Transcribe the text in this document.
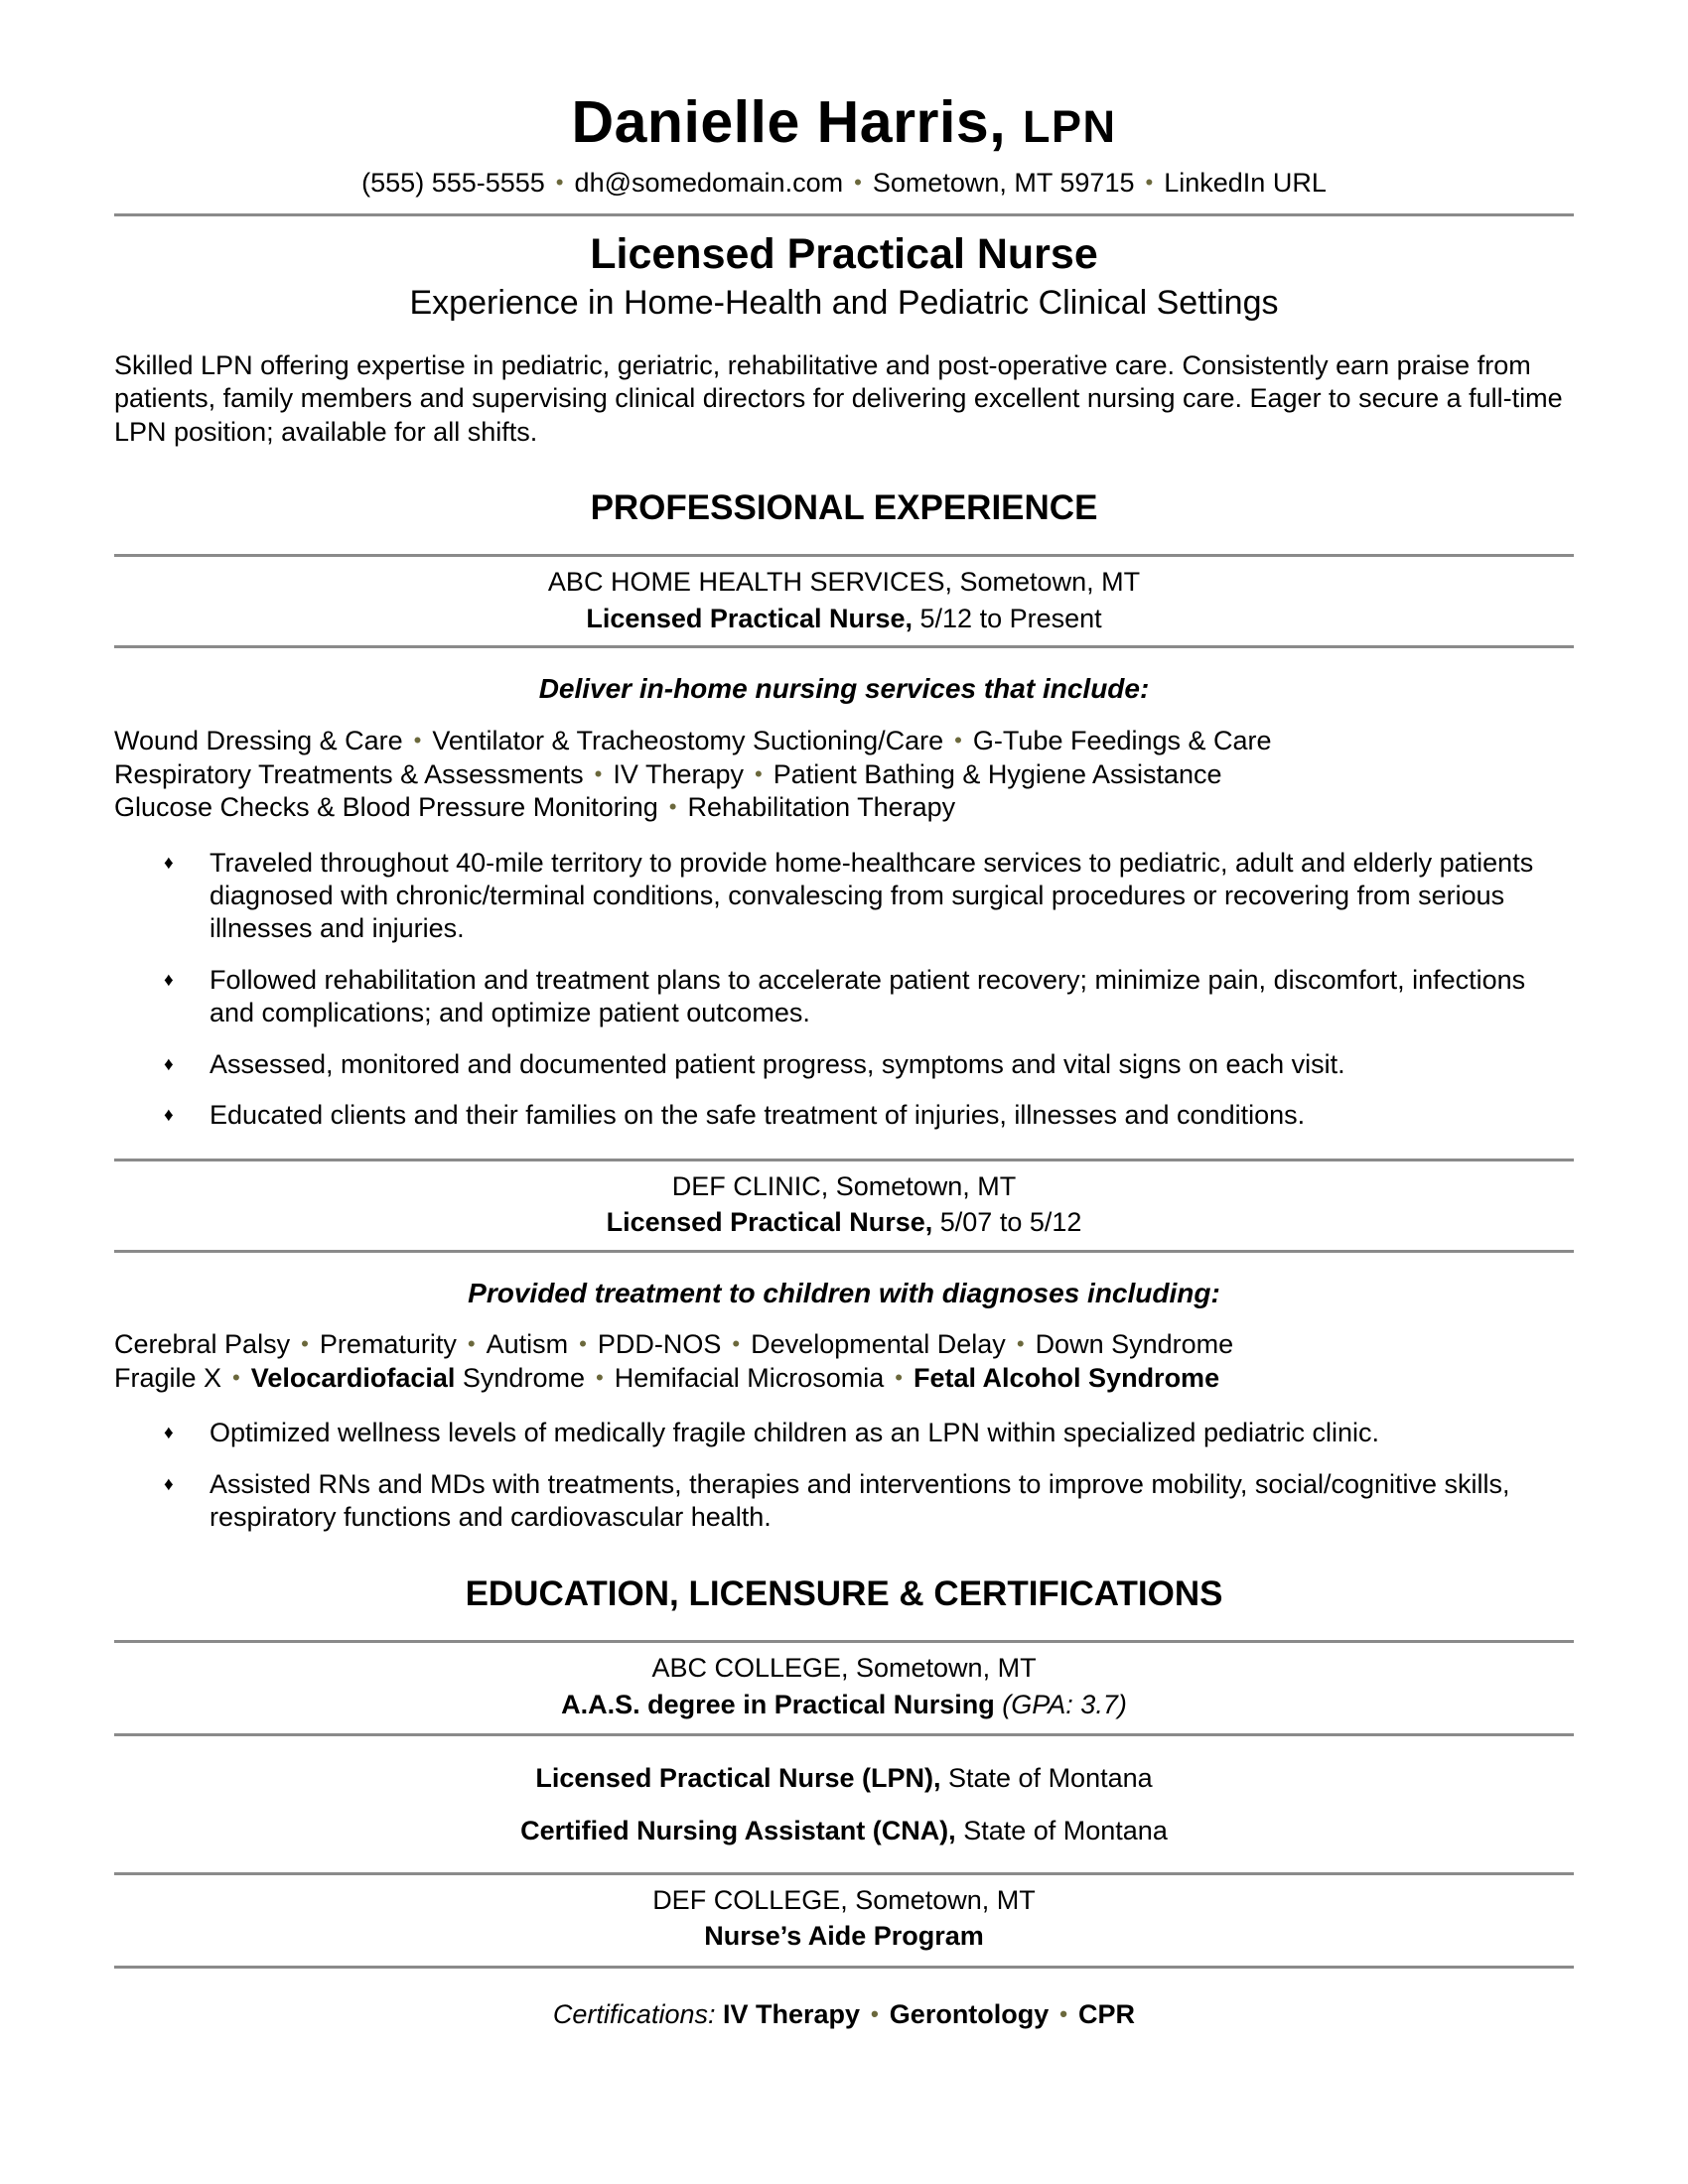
Danielle Harris, LPN
(555) 555-5555 • dh@somedomain.com • Sometown, MT 59715 • LinkedIn URL
Licensed Practical Nurse
Experience in Home-Health and Pediatric Clinical Settings
Skilled LPN offering expertise in pediatric, geriatric, rehabilitative and post-operative care. Consistently earn praise from patients, family members and supervising clinical directors for delivering excellent nursing care. Eager to secure a full-time LPN position; available for all shifts.
PROFESSIONAL EXPERIENCE
ABC HOME HEALTH SERVICES, Sometown, MT
Licensed Practical Nurse, 5/12 to Present
Deliver in-home nursing services that include:
Wound Dressing & Care • Ventilator & Tracheostomy Suctioning/Care • G-Tube Feedings & Care
Respiratory Treatments & Assessments • IV Therapy • Patient Bathing & Hygiene Assistance
Glucose Checks & Blood Pressure Monitoring • Rehabilitation Therapy
♦	Traveled throughout 40-mile territory to provide home-healthcare services to pediatric, adult and elderly patients diagnosed with chronic/terminal conditions, convalescing from surgical procedures or recovering from serious illnesses and injuries.
♦	Followed rehabilitation and treatment plans to accelerate patient recovery; minimize pain, discomfort, infections and complications; and optimize patient outcomes.
♦	Assessed, monitored and documented patient progress, symptoms and vital signs on each visit.
♦	Educated clients and their families on the safe treatment of injuries, illnesses and conditions.
DEF CLINIC, Sometown, MT
Licensed Practical Nurse, 5/07 to 5/12
Provided treatment to children with diagnoses including:
Cerebral Palsy • Prematurity • Autism • PDD-NOS • Developmental Delay • Down Syndrome
Fragile X • Velocardiofacial Syndrome • Hemifacial Microsomia • Fetal Alcohol Syndrome
♦	Optimized wellness levels of medically fragile children as an LPN within specialized pediatric clinic.
♦	Assisted RNs and MDs with treatments, therapies and interventions to improve mobility, social/cognitive skills, respiratory functions and cardiovascular health.
EDUCATION, LICENSURE & CERTIFICATIONS
ABC COLLEGE, Sometown, MT
A.A.S. degree in Practical Nursing (GPA: 3.7)
Licensed Practical Nurse (LPN), State of Montana
Certified Nursing Assistant (CNA), State of Montana
DEF COLLEGE, Sometown, MT
Nurse’s Aide Program
Certifications: IV Therapy • Gerontology • CPR
